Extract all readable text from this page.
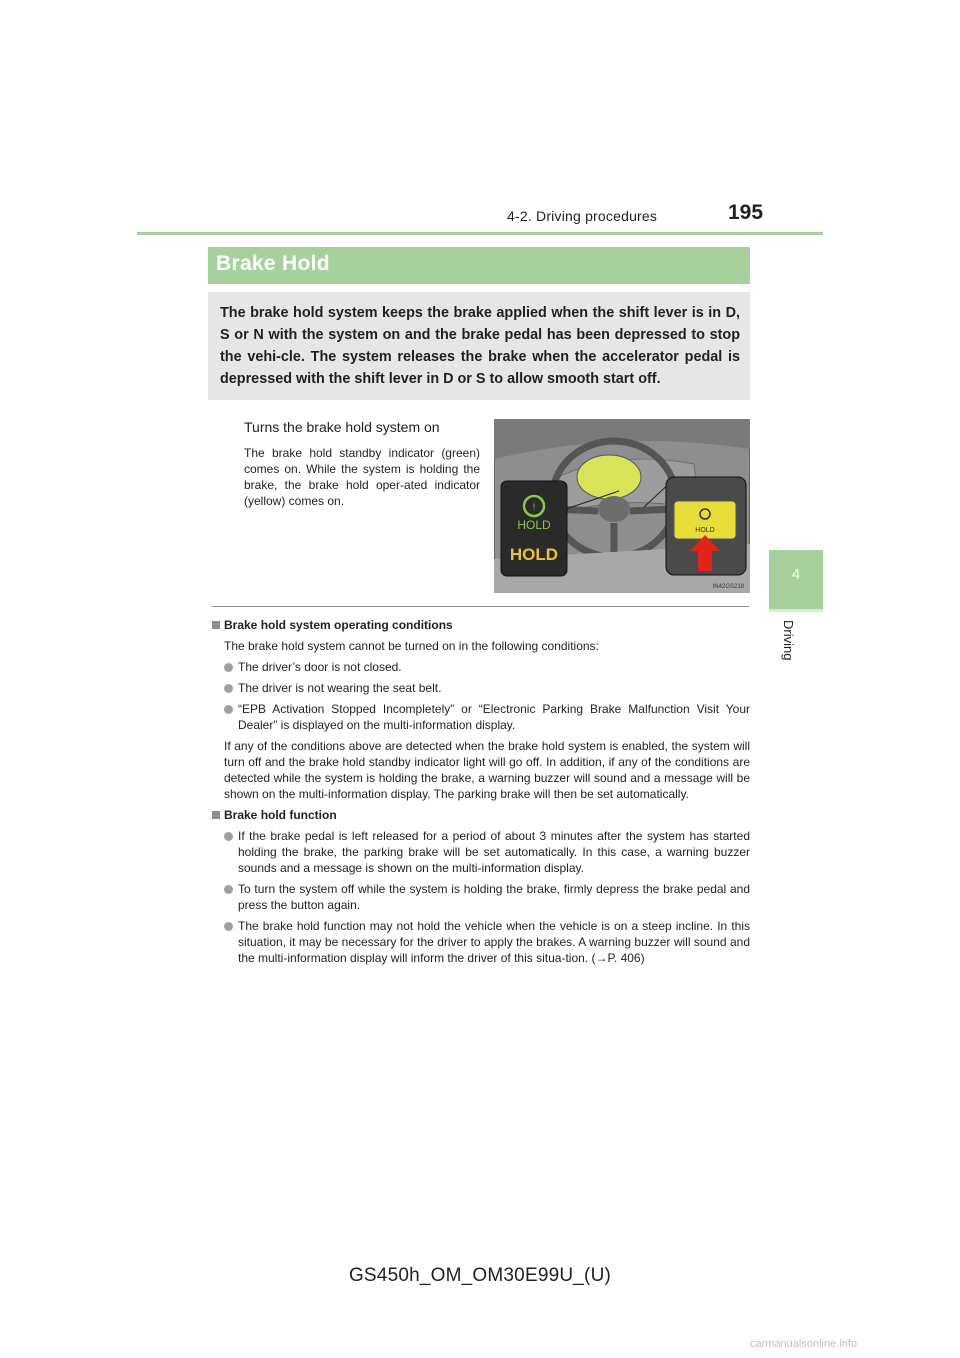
4-2. Driving procedures	195
4
Driving
Brake Hold
The brake hold system keeps the brake applied when the shift lever is in D, S or N with the system on and the brake pedal has been depressed to stop the vehi-cle. The system releases the brake when the accelerator pedal is depressed with the shift lever in D or S to allow smooth start off.
Turns the brake hold system on
The brake hold standby indicator (green) comes on. While the system is holding the brake, the brake hold oper-ated indicator (yellow) comes on.	!
HOLD
HOLD
HOLD
IN42GS218
Brake hold system operating conditions
The brake hold system cannot be turned on in the following conditions:
The driver’s door is not closed.
The driver is not wearing the seat belt.
“EPB Activation Stopped Incompletely” or “Electronic Parking Brake Malfunction Visit Your Dealer” is displayed on the multi-information display.
If any of the conditions above are detected when the brake hold system is enabled, the system will turn off and the brake hold standby indicator light will go off. In addition, if any of the conditions are detected while the system is holding the brake, a warning buzzer will sound and a message will be shown on the multi-information display. The parking brake will then be set automatically.
Brake hold function
If the brake pedal is left released for a period of about 3 minutes after the system has started holding the brake, the parking brake will be set automatically. In this case, a warning buzzer sounds and a message is shown on the multi-information display.
To turn the system off while the system is holding the brake, firmly depress the brake pedal and press the button again.
The brake hold function may not hold the vehicle when the vehicle is on a steep incline. In this situation, it may be necessary for the driver to apply the brakes. A warning buzzer will sound and the multi-information display will inform the driver of this situa-tion. (→P. 406)
GS450h_OM_OM30E99U_(U)
carmanualsonline.info
